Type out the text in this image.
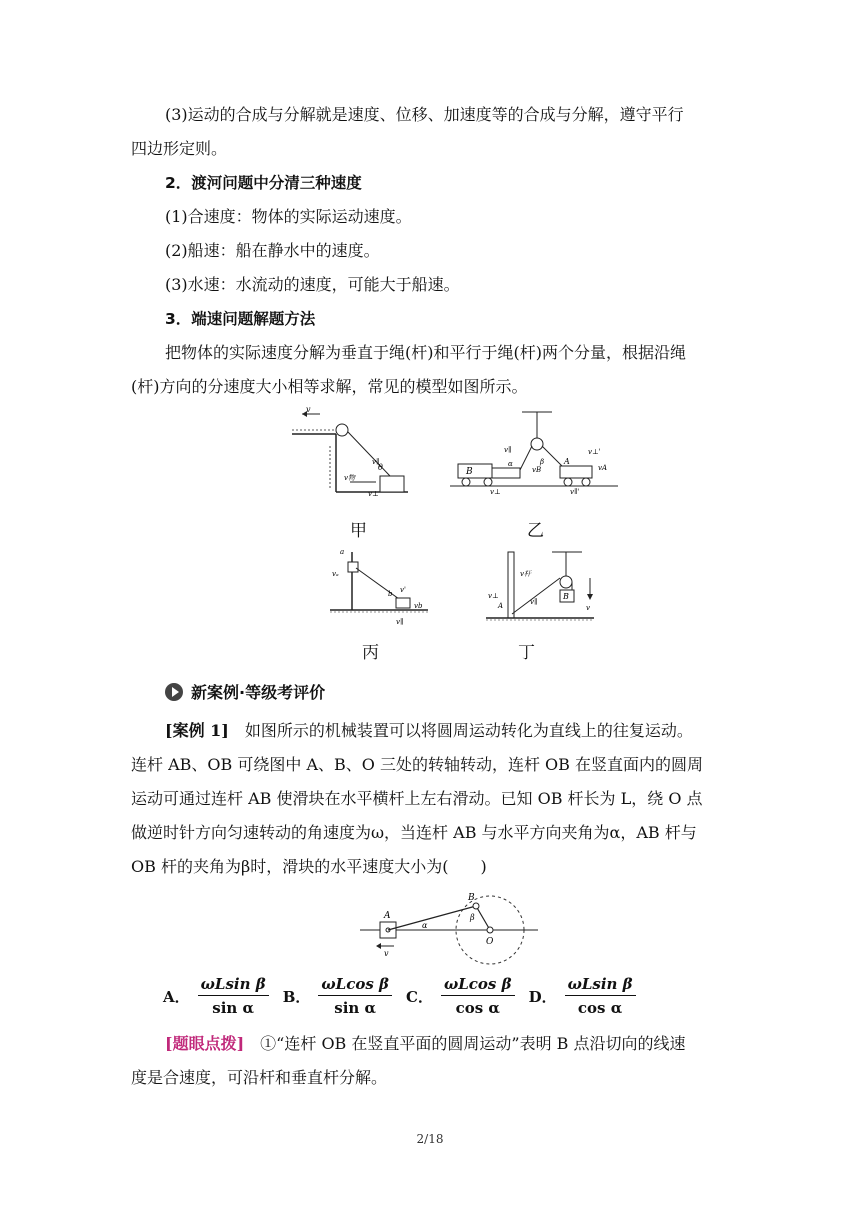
(3)运动的合成与分解就是速度、位移、加速度等的合成与分解，遵守平行

四边形定则。

2．渡河问题中分清三种速度

(1)合速度：物体的实际运动速度。

(2)船速：船在静水中的速度。

(3)水速：水流动的速度，可能大于船速。

3．端速问题解题方法

把物体的实际速度分解为垂直于绳(杆)和平行于绳(杆)两个分量，根据沿绳

(杆)方向的分速度大小相等求解，常见的模型如图所示。

v
v物
θ
v∥
v⊥
B
A
v∥
α	β
vB	vA
v⊥'
v∥'
v⊥
a
b
vₐ
vb
v'
v∥
B
v
v杆
A
v⊥
v∥
甲	乙
丙	丁
新案例·等级考评价

[案例 1]　 如图所示的机械装置可以将圆周运动转化为直线上的往复运动。

连杆 AB、OB 可绕图中 A、B、O 三处的转轴转动，连杆 OB 在竖直面内的圆周

运动可通过连杆 AB 使滑块在水平横杆上左右滑动。已知 OB 杆长为 L，绕 O 点

做逆时针方向匀速转动的角速度为ω，当连杆 AB 与水平方向夹角为α，AB 杆与

OB 杆的夹角为β时，滑块的水平速度大小为(　　)

A
B
O
α
β
v
A． $\frac{\text{ωLsin β}}{\text{sin α}}$ B． $\frac{\text{ωLcos β}}{\text{sin α}}$ C． $\frac{\text{ωLcos β}}{\text{cos α}}$ D． $\frac{\text{ωLsin β}}{\text{cos α}}$

[题眼点拨]　 ①“连杆 OB 在竖直平面的圆周运动”表明 B 点沿切向的线速

度是合速度，可沿杆和垂直杆分解。

2/18
